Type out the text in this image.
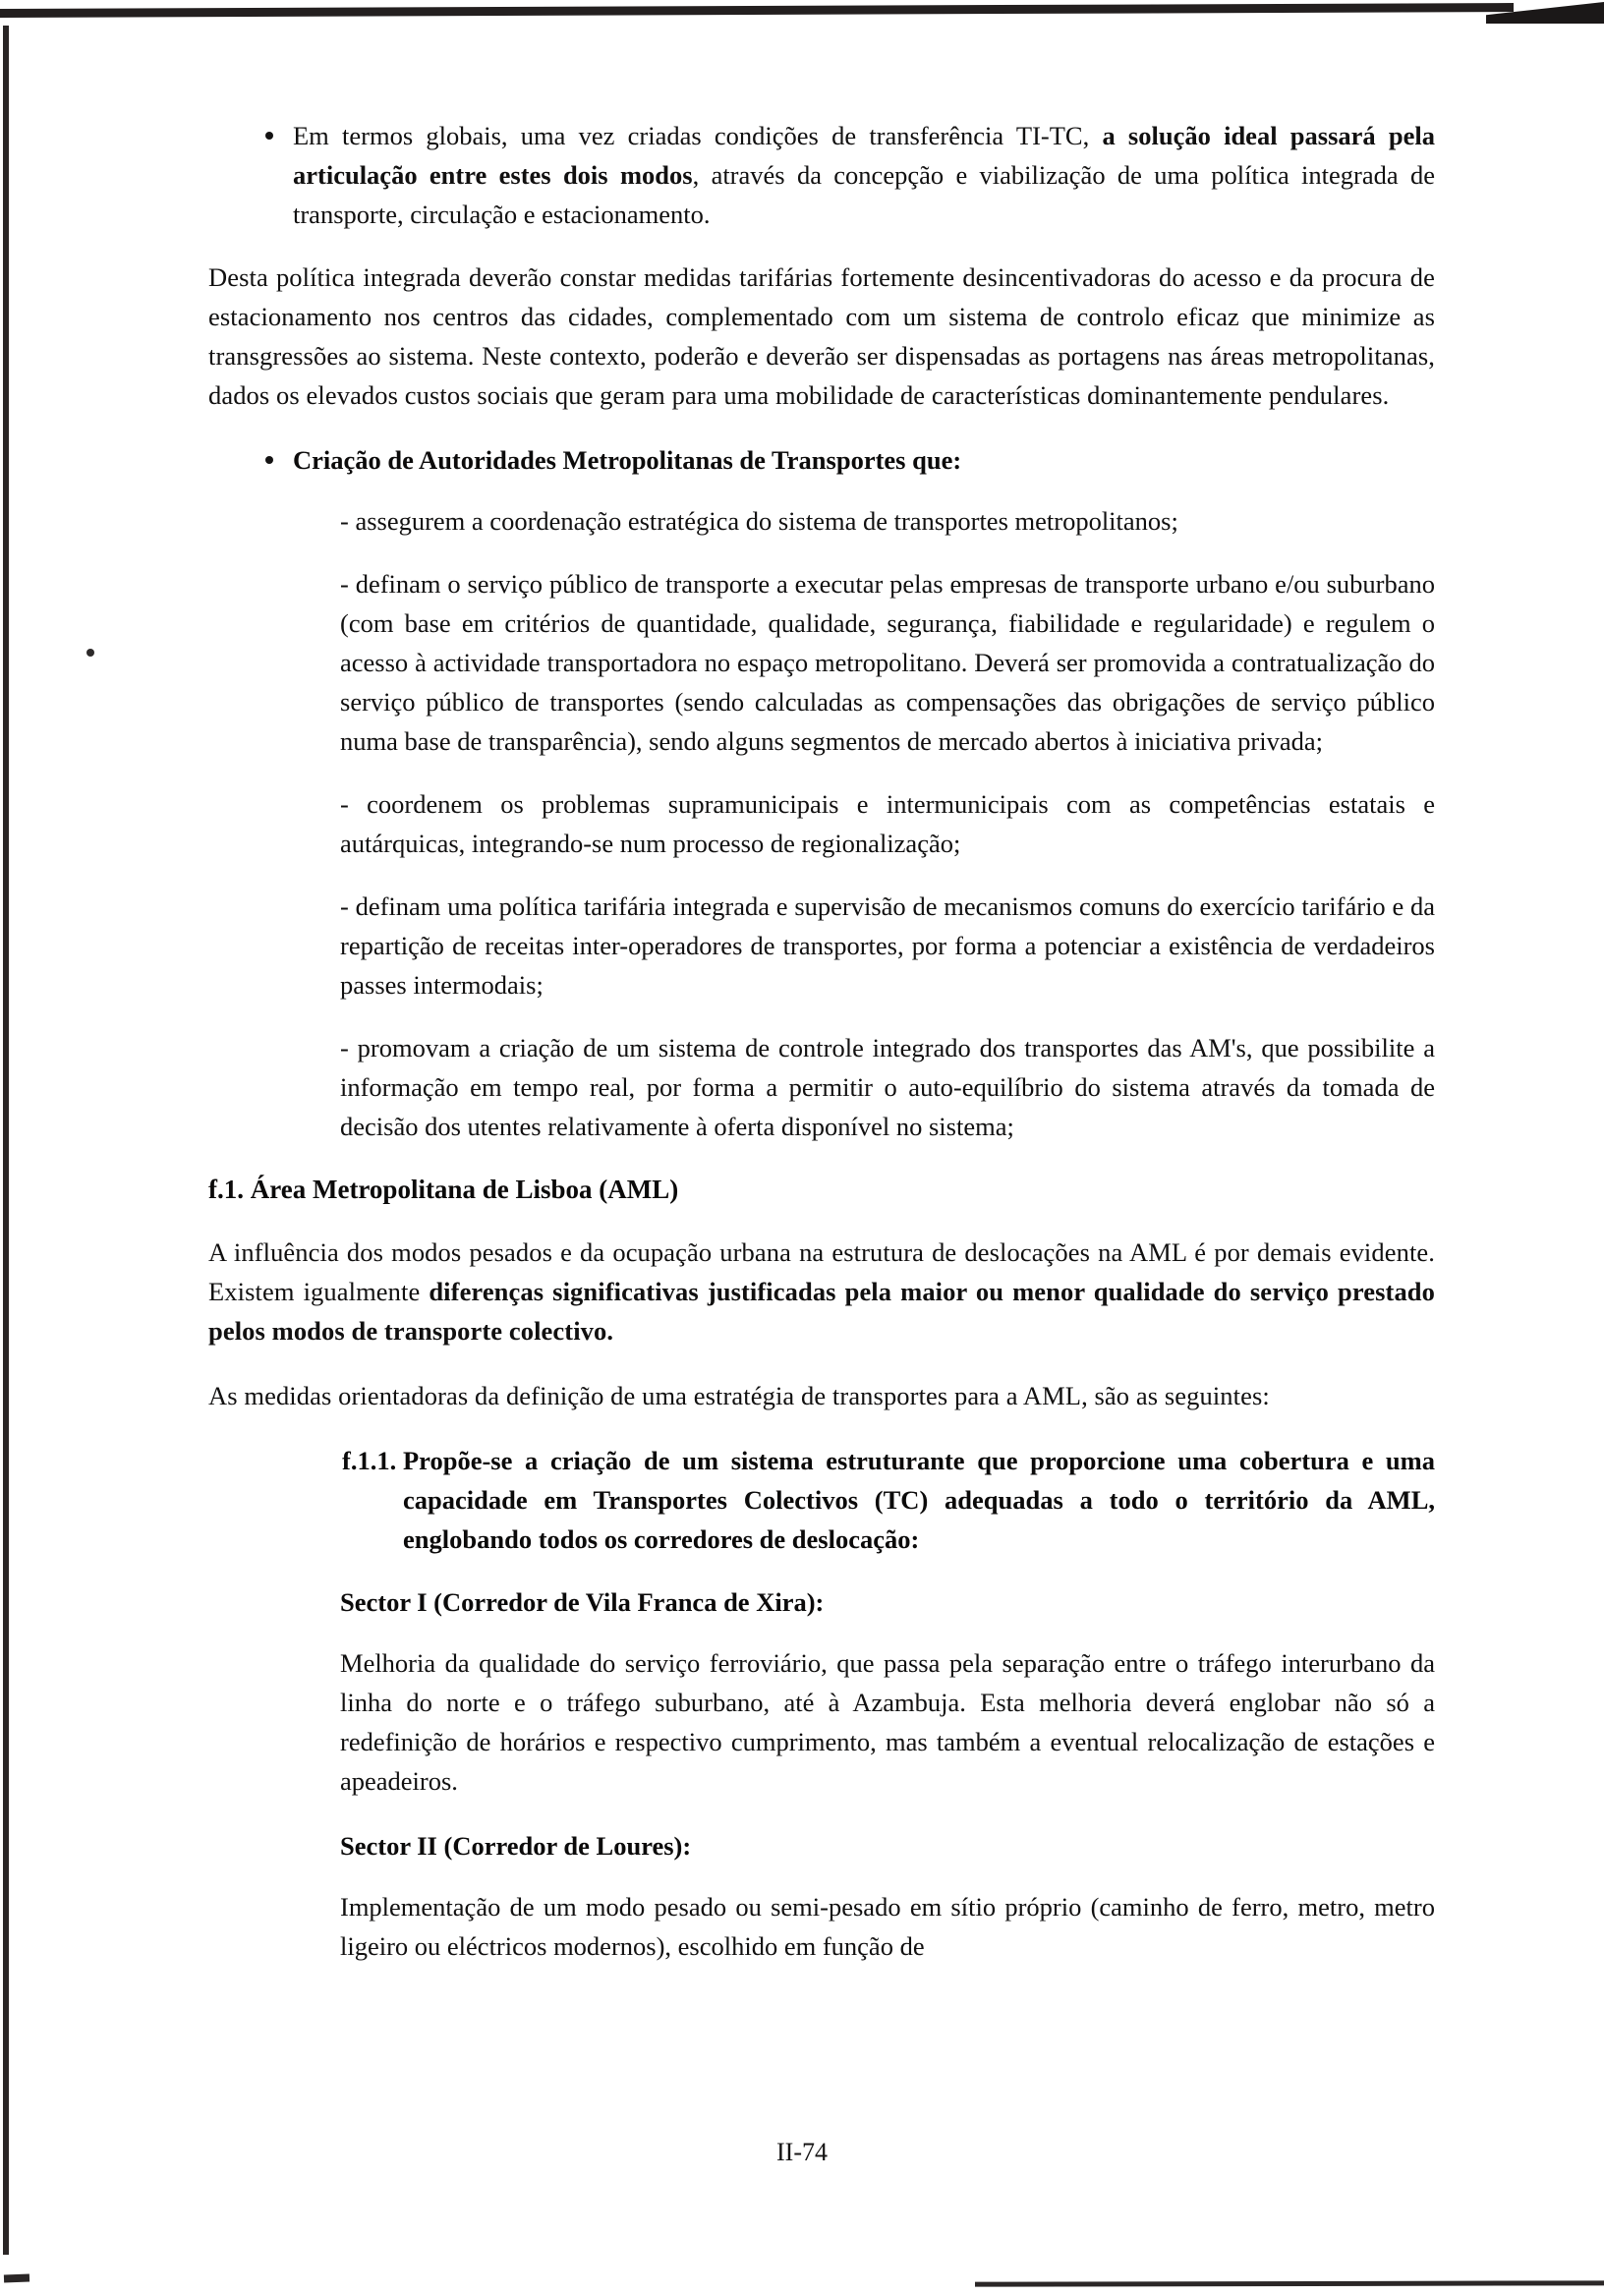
Em termos globais, uma vez criadas condições de transferência TI-TC, a solução ideal passará pela articulação entre estes dois modos, através da concepção e viabilização de uma política integrada de transporte, circulação e estacionamento.

Desta política integrada deverão constar medidas tarifárias fortemente desincentivadoras do acesso e da procura de estacionamento nos centros das cidades, complementado com um sistema de controlo eficaz que minimize as transgressões ao sistema. Neste contexto, poderão e deverão ser dispensadas as portagens nas áreas metropolitanas, dados os elevados custos sociais que geram para uma mobilidade de características dominantemente pendulares.

Criação de Autoridades Metropolitanas de Transportes que:

- assegurem a coordenação estratégica do sistema de transportes metropolitanos;

- definam o serviço público de transporte a executar pelas empresas de transporte urbano e/ou suburbano (com base em critérios de quantidade, qualidade, segurança, fiabilidade e regularidade) e regulem o acesso à actividade transportadora no espaço metropolitano. Deverá ser promovida a contratualização do serviço público de transportes (sendo calculadas as compensações das obrigações de serviço público numa base de transparência), sendo alguns segmentos de mercado abertos à iniciativa privada;

- coordenem os problemas supramunicipais e intermunicipais com as competências estatais e autárquicas, integrando-se num processo de regionalização;

- definam uma política tarifária integrada e supervisão de mecanismos comuns do exercício tarifário e da repartição de receitas inter-operadores de transportes, por forma a potenciar a existência de verdadeiros passes intermodais;

- promovam a criação de um sistema de controle integrado dos transportes das AM's, que possibilite a informação em tempo real, por forma a permitir o auto-equilíbrio do sistema através da tomada de decisão dos utentes relativamente à oferta disponível no sistema;

f.1. Área Metropolitana de Lisboa (AML)

A influência dos modos pesados e da ocupação urbana na estrutura de deslocações na AML é por demais evidente. Existem igualmente diferenças significativas justificadas pela maior ou menor qualidade do serviço prestado pelos modos de transporte colectivo.

As medidas orientadoras da definição de uma estratégia de transportes para a AML, são as seguintes:

f.1.1. Propõe-se a criação de um sistema estruturante que proporcione uma cobertura e uma capacidade em Transportes Colectivos (TC) adequadas a todo o território da AML, englobando todos os corredores de deslocação:
Sector I (Corredor de Vila Franca de Xira):

Melhoria da qualidade do serviço ferroviário, que passa pela separação entre o tráfego interurbano da linha do norte e o tráfego suburbano, até à Azambuja. Esta melhoria deverá englobar não só a redefinição de horários e respectivo cumprimento, mas também a eventual relocalização de estações e apeadeiros.

Sector II (Corredor de Loures):

Implementação de um modo pesado ou semi-pesado em sítio próprio (caminho de ferro, metro, metro ligeiro ou eléctricos modernos), escolhido em função de

II-74
